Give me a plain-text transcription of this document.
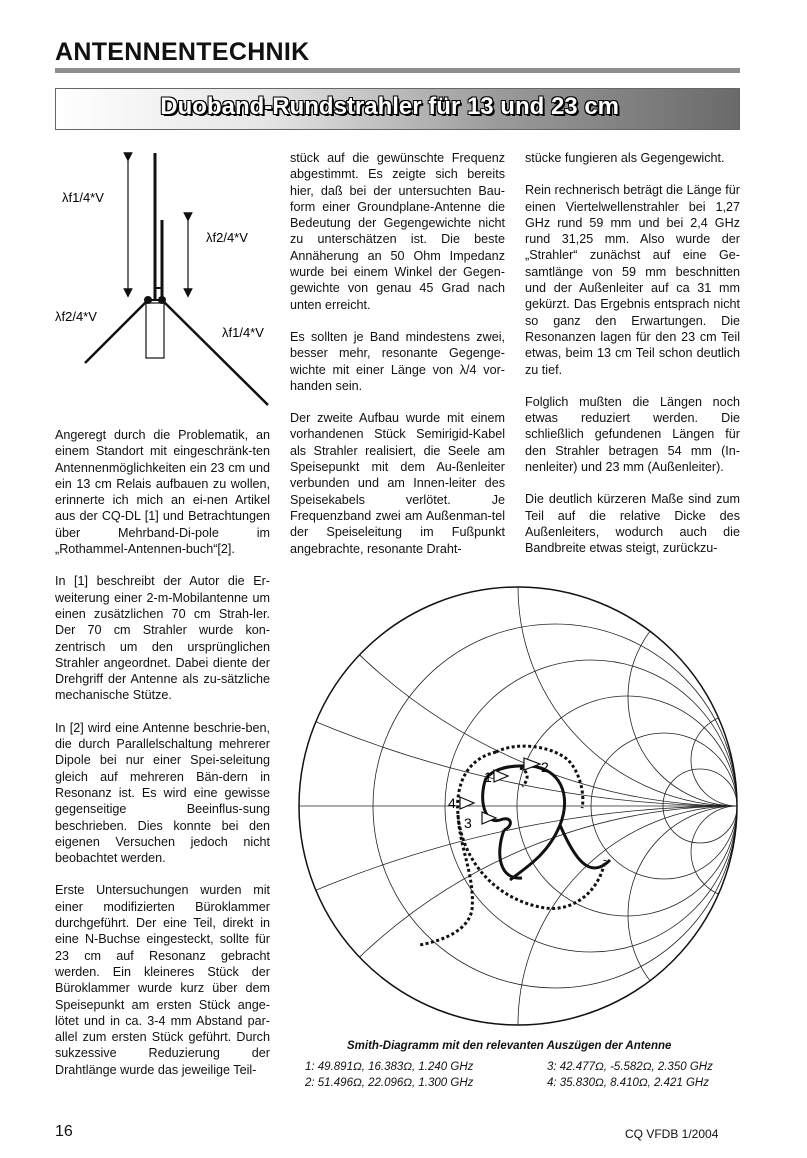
ANTENNENTECHNIK
Duoband-Rundstrahler für 13 und 23 cm
λf1/4*V
λf2/4*V
λf2/4*V
λf1/4*V

Angeregt durch die Problematik, an einem Standort mit eingeschränk-ten Antennenmöglichkeiten ein 23 cm und ein 13 cm Relais aufbauen zu wollen, erinnerte ich mich an ei-nen Artikel aus der CQ-DL [1] und Betrachtungen über Mehrband-Di-pole im „Rothammel-Antennen-buch“[2].

In [1] beschreibt der Autor die Er-weiterung einer 2-m-Mobilantenne um einen zusätzlichen 70 cm Strah-ler. Der 70 cm Strahler wurde kon-zentrisch um den ursprünglichen Strahler angeordnet. Dabei diente der Drehgriff der Antenne als zu-sätzliche mechanische Stütze.

In [2] wird eine Antenne beschrie-ben, die durch Parallelschaltung mehrerer Dipole bei nur einer Spei-seleitung gleich auf mehreren Bän-dern in Resonanz ist. Es wird eine gewisse gegenseitige Beeinflus-sung beschrieben. Dies konnte bei den eigenen Versuchen jedoch nicht beobachtet werden.

Erste Untersuchungen wurden mit einer modifizierten Büroklammer durchgeführt. Der eine Teil, direkt in eine N-Buchse eingesteckt, sollte für 23 cm auf Resonanz gebracht werden. Ein kleineres Stück der Büroklammer wurde kurz über dem Speisepunkt am ersten Stück ange-lötet und in ca. 3-4 mm Abstand par-allel zum ersten Stück geführt. Durch sukzessive Reduzierung der Drahtlänge wurde das jeweilige Teil-

stück auf die gewünschte Frequenz abgestimmt. Es zeigte sich bereits hier, daß bei der untersuchten Bau-form einer Groundplane-Antenne die Bedeutung der Gegengewichte nicht zu unterschätzen ist. Die beste Annäherung an 50 Ohm Impedanz wurde bei einem Winkel der Gegen-gewichte von genau 45 Grad nach unten erreicht.

Es sollten je Band mindestens zwei, besser mehr, resonante Gegenge-wichte mit einer Länge von λ/4 vor-handen sein.

Der zweite Aufbau wurde mit einem vorhandenen Stück Semirigid-Kabel als Strahler realisiert, die Seele am Speisepunkt mit dem Au-ßenleiter verbunden und am Innen-leiter des Speisekabels verlötet. Je Frequenzband zwei am Außenman-tel der Speiseleitung im Fußpunkt angebrachte, resonante Draht-

stücke fungieren als Gegengewicht.

Rein rechnerisch beträgt die Länge für einen Viertelwellenstrahler bei 1,27 GHz rund 59 mm und bei 2,4 GHz rund 31,25 mm. Also wurde der „Strahler“ zunächst auf eine Ge-samtlänge von 59 mm beschnitten und der Außenleiter auf ca 31 mm gekürzt. Das Ergebnis entsprach nicht so ganz den Erwartungen. Die Resonanzen lagen für den 23 cm Teil etwas, beim 13 cm Teil schon deutlich zu tief.

Folglich mußten die Längen noch etwas reduziert werden. Die schließlich gefundenen Längen für den Strahler betragen 54 mm (In-nenleiter) und 23 mm (Außenleiter).

Die deutlich kürzeren Maße sind zum Teil auf die relative Dicke des Außenleiters, wodurch auch die Bandbreite etwas steigt, zurückzu-

1
2
3
4
Smith-Diagramm mit den relevanten Auszügen der Antenne
1: 49.891Ω, 16.383Ω, 1.240 GHz
2: 51.496Ω, 22.096Ω, 1.300 GHz
3: 42.477Ω, -5.582Ω, 2.350 GHz
4: 35.830Ω, 8.410Ω, 2.421 GHz
16	CQ VFDB 1/2004
